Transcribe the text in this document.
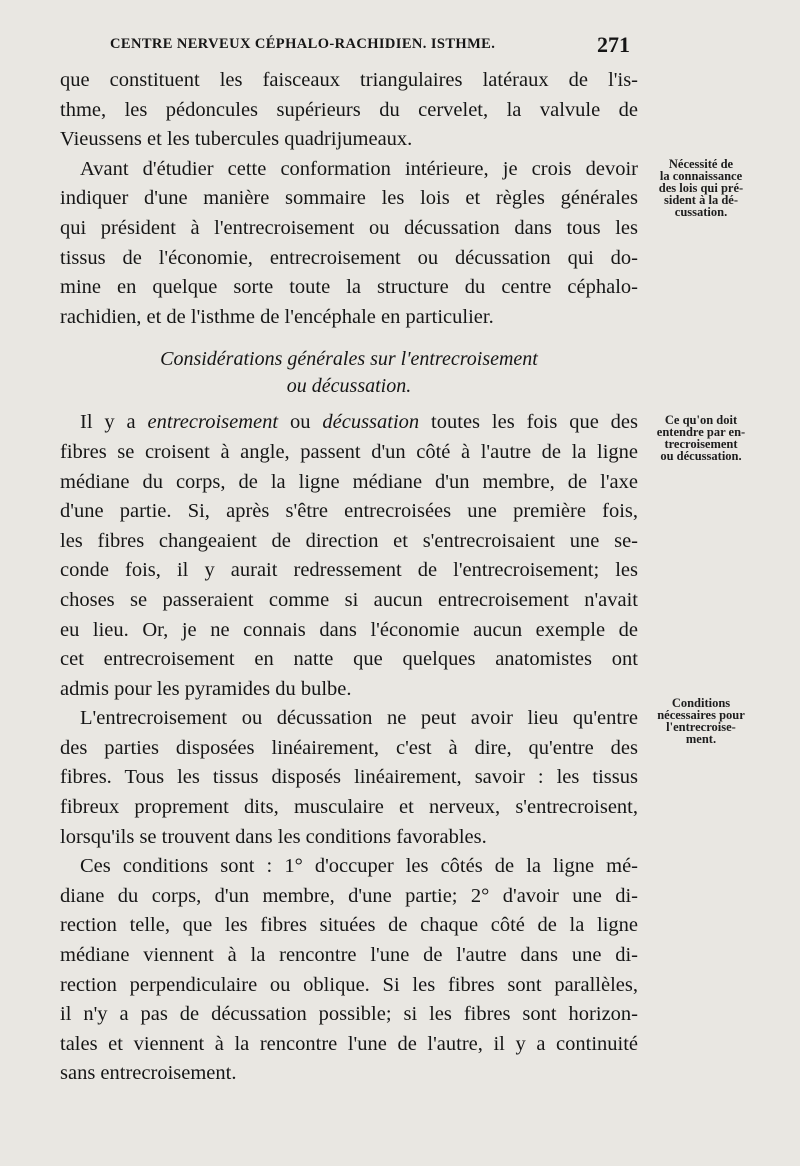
CENTRE NERVEUX CÉPHALO-RACHIDIEN. ISTHME.	271

que constituent les faisceaux triangulaires latéraux de l'is-

thme, les pédoncules supérieurs du cervelet, la valvule de

Vieussens et les tubercules quadrijumeaux.

Avant d'étudier cette conformation intérieure, je crois devoir

indiquer d'une manière sommaire les lois et règles générales

qui président à l'entrecroisement ou décussation dans tous les

tissus de l'économie, entrecroisement ou décussation qui do-

mine en quelque sorte toute la structure du centre céphalo-

rachidien, et de l'isthme de l'encéphale en particulier.

Considérations générales sur l'entrecroisement
ou décussation.

Il y a entrecroisement ou décussation toutes les fois que des

fibres se croisent à angle, passent d'un côté à l'autre de la ligne

médiane du corps, de la ligne médiane d'un membre, de l'axe

d'une partie. Si, après s'être entrecroisées une première fois,

les fibres changeaient de direction et s'entrecroisaient une se-

conde fois, il y aurait redressement de l'entrecroisement; les

choses se passeraient comme si aucun entrecroisement n'avait

eu lieu. Or, je ne connais dans l'économie aucun exemple de

cet entrecroisement en natte que quelques anatomistes ont

admis pour les pyramides du bulbe.

L'entrecroisement ou décussation ne peut avoir lieu qu'entre

des parties disposées linéairement, c'est à dire, qu'entre des

fibres. Tous les tissus disposés linéairement, savoir : les tissus

fibreux proprement dits, musculaire et nerveux, s'entrecroisent,

lorsqu'ils se trouvent dans les conditions favorables.

Ces conditions sont : 1° d'occuper les côtés de la ligne mé-

diane du corps, d'un membre, d'une partie; 2° d'avoir une di-

rection telle, que les fibres situées de chaque côté de la ligne

médiane viennent à la rencontre l'une de l'autre dans une di-

rection perpendiculaire ou oblique. Si les fibres sont parallèles,

il n'y a pas de décussation possible; si les fibres sont horizon-

tales et viennent à la rencontre l'une de l'autre, il y a continuité

sans entrecroisement.

Nécessité de
la connaissance
des lois qui pré-
sident à la dé-
cussation.
Ce qu'on doit
entendre par en-
trecroisement
ou décussation.
Conditions
nécessaires pour
l'entrecroise-
ment.
